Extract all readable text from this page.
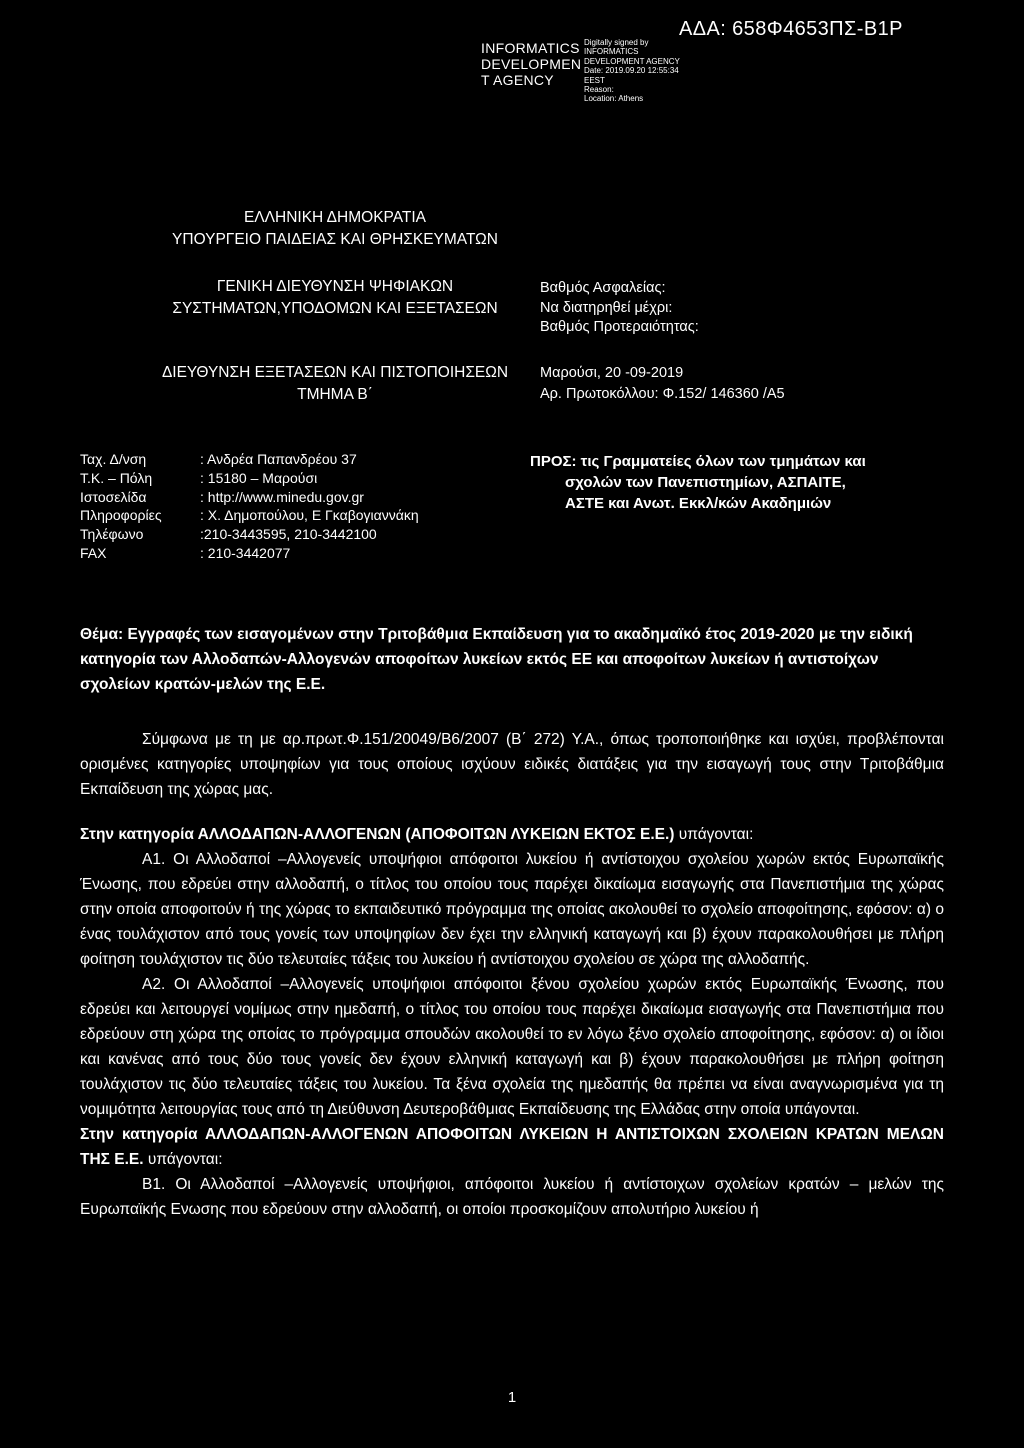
INFORMATICS
DEVELOPMEN
T AGENCY
Digitally signed by
INFORMATICS
DEVELOPMENT AGENCY
Date: 2019.09.20 12:55:34
EEST
Reason:
Location: Athens
ΑΔΑ: 658Φ4653ΠΣ-Β1Ρ
ΕΛΛΗΝΙΚΗ ΔΗΜΟΚΡΑΤΙΑ
ΥΠΟΥΡΓΕΙΟ ΠΑΙΔΕΙΑΣ ΚΑΙ ΘΡΗΣΚΕΥΜΑΤΩΝ
ΓΕΝΙΚΗ ΔΙΕΥΘΥΝΣΗ ΨΗΦΙΑΚΩΝ
ΣΥΣΤΗΜΑΤΩΝ,ΥΠΟΔΟΜΩΝ ΚΑΙ ΕΞΕΤΑΣΕΩΝ
ΔΙΕΥΘΥΝΣΗ ΕΞΕΤΑΣΕΩΝ ΚΑΙ ΠΙΣΤΟΠΟΙΗΣΕΩΝ
ΤΜΗΜΑ Β΄
Βαθμός Ασφαλείας:
Να διατηρηθεί μέχρι:
Βαθμός Προτεραιότητας:
Μαρούσι, 20 -09-2019
Αρ. Πρωτοκόλλου: Φ.152/ 146360 /Α5
Ταχ. Δ/νση	: Ανδρέα Παπανδρέου 37
Τ.Κ. – Πόλη	: 15180 – Μαρούσι
Ιστοσελίδα	: http://www.minedu.gov.gr
Πληροφορίες	: Χ. Δημοπούλου, Ε Γκαβογιαννάκη
Τηλέφωνο	:210-3443595, 210-3442100
FAX	: 210-3442077
ΠΡΟΣ: τις Γραμματείες όλων των τμημάτων και
σχολών των Πανεπιστημίων, ΑΣΠΑΙΤΕ,
ΑΣΤΕ και Ανωτ. Εκκλ/κών Ακαδημιών
Θέμα: Εγγραφές των εισαγομένων στην Τριτοβάθμια Εκπαίδευση για το ακαδημαϊκό έτος 2019-2020 με την ειδική κατηγορία των Αλλοδαπών-Αλλογενών αποφοίτων λυκείων εκτός ΕΕ και αποφοίτων λυκείων ή αντιστοίχων σχολείων κρατών-μελών της Ε.Ε.

Σύμφωνα με τη με αρ.πρωτ.Φ.151/20049/Β6/2007 (Β΄ 272) Υ.Α., όπως τροποποιήθηκε και ισχύει, προβλέπονται ορισμένες κατηγορίες υποψηφίων για τους οποίους ισχύουν ειδικές διατάξεις για την εισαγωγή τους στην Τριτοβάθμια Εκπαίδευση της χώρας μας.

Στην κατηγορία ΑΛΛΟΔΑΠΩΝ-ΑΛΛΟΓΕΝΩΝ (ΑΠΟΦΟΙΤΩΝ ΛΥΚΕΙΩΝ ΕΚΤΟΣ Ε.Ε.) υπάγονται:

Α1. Οι Αλλοδαποί –Αλλογενείς υποψήφιοι απόφοιτοι λυκείου ή αντίστοιχου σχολείου χωρών εκτός Ευρωπαϊκής Ένωσης, που εδρεύει στην αλλοδαπή, ο τίτλος του οποίου τους παρέχει δικαίωμα εισαγωγής στα Πανεπιστήμια της χώρας στην οποία αποφοιτούν ή της χώρας το εκπαιδευτικό πρόγραμμα της οποίας ακολουθεί το σχολείο αποφοίτησης, εφόσον: α) ο ένας τουλάχιστον από τους γονείς των υποψηφίων δεν έχει την ελληνική καταγωγή και β) έχουν παρακολουθήσει με πλήρη φοίτηση τουλάχιστον τις δύο τελευταίες τάξεις του λυκείου ή αντίστοιχου σχολείου σε χώρα της αλλοδαπής.

Α2. Οι Αλλοδαποί –Αλλογενείς υποψήφιοι απόφοιτοι ξένου σχολείου χωρών εκτός Ευρωπαϊκής Ένωσης, που εδρεύει και λειτουργεί νομίμως στην ημεδαπή, ο τίτλος του οποίου τους παρέχει δικαίωμα εισαγωγής στα Πανεπιστήμια που εδρεύουν στη χώρα της οποίας το πρόγραμμα σπουδών ακολουθεί το εν λόγω ξένο σχολείο αποφοίτησης, εφόσον: α) οι ίδιοι και κανένας από τους δύο τους γονείς δεν έχουν ελληνική καταγωγή και β) έχουν παρακολουθήσει με πλήρη φοίτηση τουλάχιστον τις δύο τελευταίες τάξεις του λυκείου. Τα ξένα σχολεία της ημεδαπής θα πρέπει να είναι αναγνωρισμένα για τη νομιμότητα λειτουργίας τους από τη Διεύθυνση Δευτεροβάθμιας Εκπαίδευσης της Ελλάδας στην οποία υπάγονται.

Στην κατηγορία ΑΛΛΟΔΑΠΩΝ-ΑΛΛΟΓΕΝΩΝ ΑΠΟΦΟΙΤΩΝ ΛΥΚΕΙΩΝ Η ΑΝΤΙΣΤΟΙΧΩΝ ΣΧΟΛΕΙΩΝ ΚΡΑΤΩΝ ΜΕΛΩΝ ΤΗΣ Ε.Ε. υπάγονται:

Β1. Οι Αλλοδαποί –Αλλογενείς υποψήφιοι, απόφοιτοι λυκείου ή αντίστοιχων σχολείων κρατών – μελών της Ευρωπαϊκής Ενωσης που εδρεύουν στην αλλοδαπή, οι οποίοι προσκομίζουν απολυτήριο λυκείου ή

1
